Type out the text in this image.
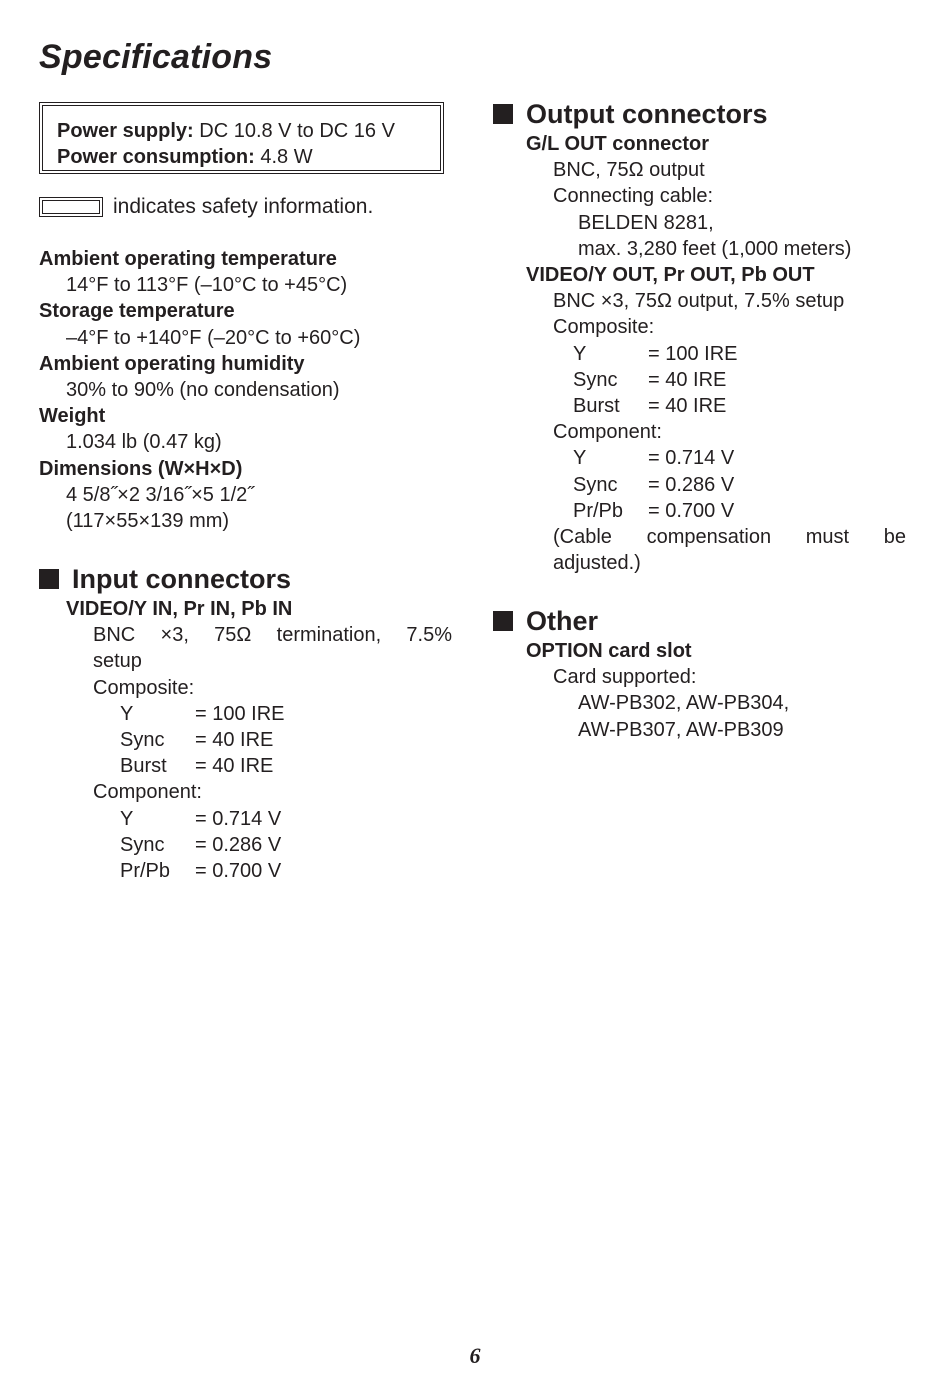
Specifications
Power supply: DC 10.8 V to DC 16 V
Power consumption: 4.8 W
indicates safety information.
Ambient operating temperature
14°F to 113°F (–10°C to +45°C)
Storage temperature
–4°F to +140°F (–20°C to +60°C)
Ambient operating humidity
30% to 90% (no condensation)
Weight
1.034 lb (0.47 kg)
Dimensions (W×H×D)
4 5/8˝×2 3/16˝×5 1/2˝
(117×55×139 mm)
Input connectors
VIDEO/Y IN, Pr IN, Pb IN
BNC ×3, 75Ω termination, 7.5%
setup
Composite:
Y	= 100 IRE
Sync	= 40 IRE
Burst	= 40 IRE
Component:
Y	= 0.714 V
Sync	= 0.286 V
Pr/Pb	= 0.700 V
Output connectors
G/L OUT connector
BNC, 75Ω output
Connecting cable:
BELDEN 8281,
max. 3,280 feet (1,000 meters)
VIDEO/Y OUT, Pr OUT, Pb OUT
BNC ×3, 75Ω output, 7.5% setup
Composite:
Y	= 100 IRE
Sync	= 40 IRE
Burst	= 40 IRE
Component:
Y	= 0.714 V
Sync	= 0.286 V
Pr/Pb	= 0.700 V
(Cable compensation must be
adjusted.)
Other
OPTION card slot
Card supported:
AW-PB302, AW-PB304,
AW-PB307, AW-PB309
6
